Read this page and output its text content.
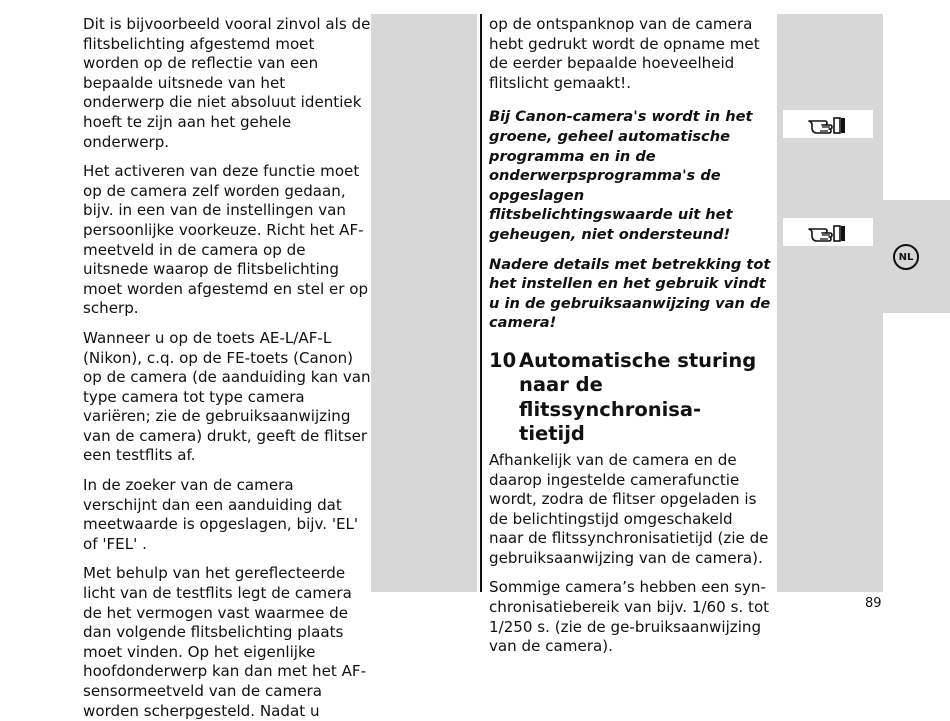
Dit is bijvoorbeeld vooral zinvol als de flitsbelichting afgestemd moet worden op de reflectie van een bepaalde uitsnede van het onderwerp die niet absoluut identiek hoeft te zijn aan het gehele onderwerp.

Het activeren van deze functie moet op de camera zelf worden gedaan, bijv. in een van de instellingen van persoonlijke voorkeuze. Richt het AF-meetveld in de camera op de uitsnede waarop de flitsbelichting moet worden afgestemd en stel er op scherp.

Wanneer u op de toets AE-L/AF-L (Nikon), c.q. op de FE-toets (Canon) op de camera (de aanduiding kan van type camera tot type camera variëren; zie de gebruiksaanwijzing van de camera) drukt, geeft de flitser een testflits af.

In de zoeker van de camera verschijnt dan een aanduiding dat meetwaarde is opgeslagen, bijv. 'EL' of 'FEL' .

Met behulp van het gereflecteerde licht van de testflits legt de camera de het vermogen vast waarmee de dan volgende flitsbelichting plaats moet vinden. Op het eigenlijke hoofdonderwerp kan dan met het AF-sensormeetveld van de camera worden scherpgesteld. Nadat u

op de ontspanknop van de camera hebt gedrukt wordt de opname met de eerder bepaalde hoeveelheid flitslicht gemaakt!.

Bij Canon-camera's wordt in het groene, geheel automatische programma en in de onderwerpsprogramma's de opgeslagen flitsbelichtingswaarde uit het geheugen, niet ondersteund!

Nadere details met betrekking tot het instellen en het gebruik vindt u in de gebruiksaanwijzing van de camera!

10 Automatische sturing
naar de flitssynchronisa-
tietijd

Afhankelijk van de camera en de daarop ingestelde camerafunctie wordt, zodra de flitser opgeladen is de belichtingstijd omgeschakeld naar de flitssynchronisatietijd (zie de gebruiksaanwijzing van de camera).

Sommige camera’s hebben een synchronisatiebereik van bijv. 1/60 s. tot 1/250 s. (zie de ge-bruiksaanwijzing van de camera).

NL
89
